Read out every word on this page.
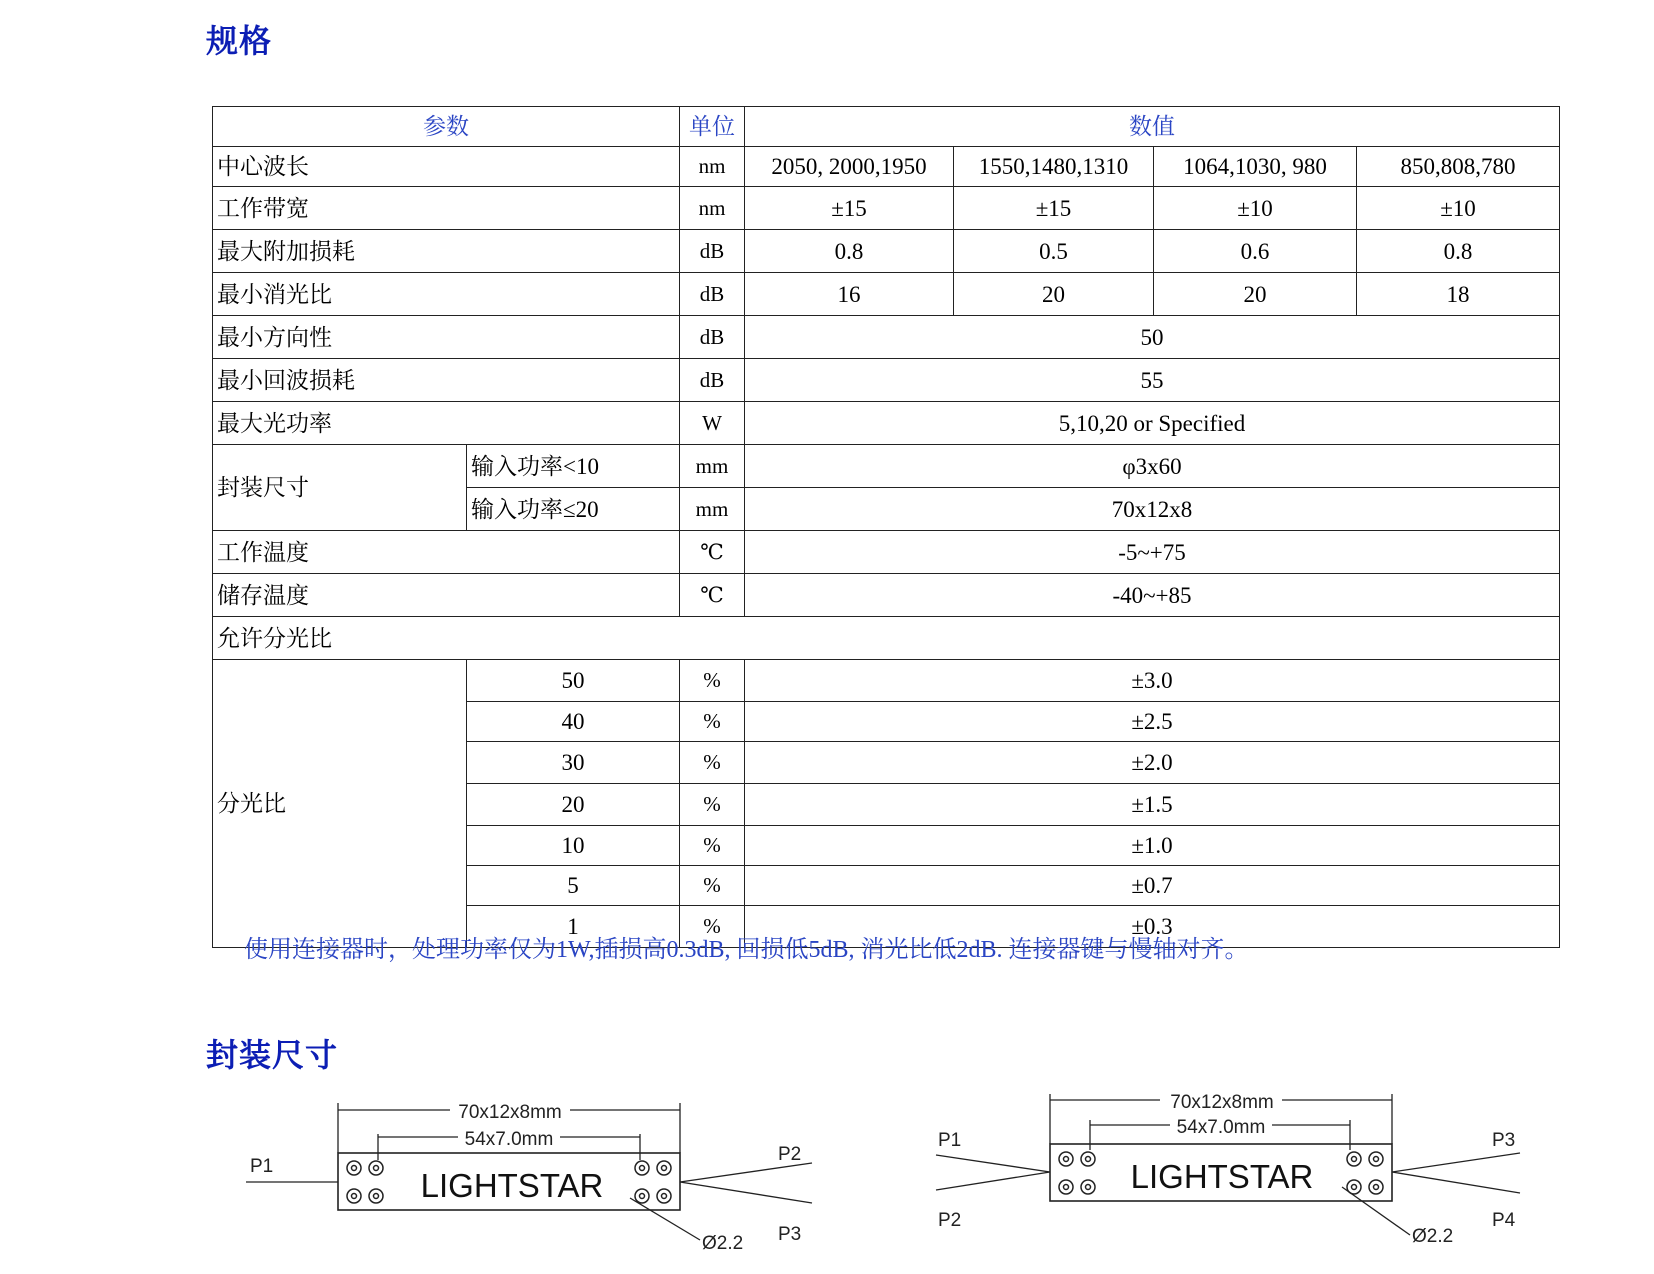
规格
参数		单位	数值			
中心波长		nm	2050, 2000,1950	1550,1480,1310	1064,1030, 980	850,808,780
工作带宽		nm	±15	±15	±10	±10
最大附加损耗		dB	0.8	0.5	0.6	0.8
最小消光比		dB	16	20	20	18
最小方向性		dB	50			
最小回波损耗		dB	55			
最大光功率		W	5,10,20 or Specified			
封装尺寸	输入功率<10	mm	φ3x60			
	输入功率≤20	mm	70x12x8			
工作温度		℃	-5~+75			
储存温度		℃	-40~+85			
允许分光比						
分光比	50	%	±3.0			
	40	%	±2.5			
	30	%	±2.0			
	20	%	±1.5			
	10	%	±1.0			
	5	%	±0.7			
	1	%	±0.3			

使用连接器时，处理功率仅为1W,插损高0.3dB, 回损低5dB, 消光比低2dB. 连接器键与慢轴对齐。

封装尺寸
70x12x8mm
54x7.0mm
LIGHTSTAR
P1
P2
P3
Ø2.2
70x12x8mm
54x7.0mm
LIGHTSTAR
P1
P2
P3
P4
Ø2.2
